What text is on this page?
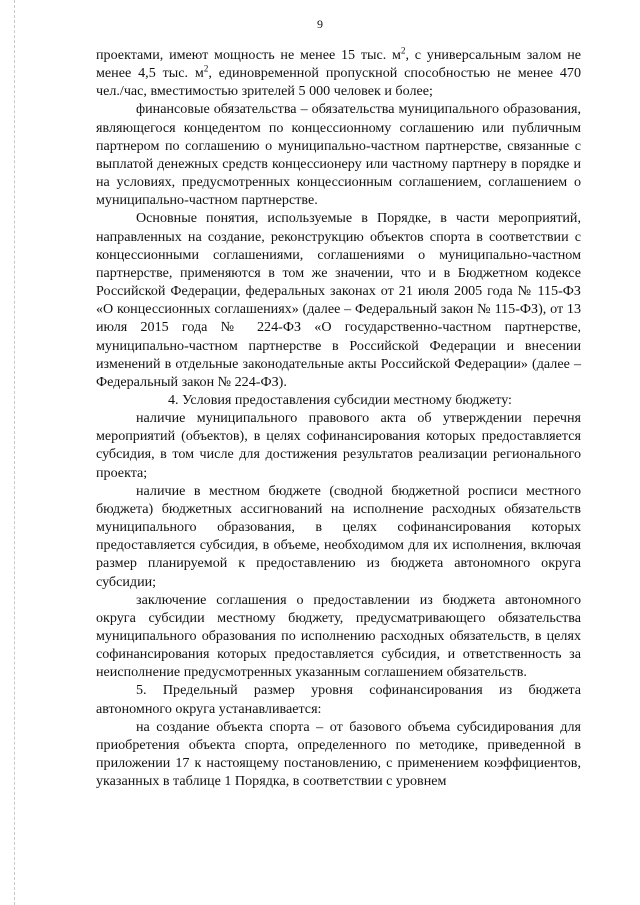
9

проектами, имеют мощность не менее 15 тыс. $м^2$, с универсальным залом не менее 4,5 тыс. $м^2$, единовременной пропускной способностью не менее 470 чел./час, вместимостью зрителей 5 000 человек и более;

финансовые обязательства – обязательства муниципального образования, являющегося концедентом по концессионному соглашению или публичным партнером по соглашению о муниципально-частном партнерстве, связанные с выплатой денежных средств концессионеру или частному партнеру в порядке и на условиях, предусмотренных концессионным соглашением, соглашением о муниципально-частном партнерстве.

Основные понятия, используемые в Порядке, в части мероприятий, направленных на создание, реконструкцию объектов спорта в соответствии с концессионными соглашениями, соглашениями о муниципально-частном партнерстве, применяются в том же значении, что и в Бюджетном кодексе Российской Федерации, федеральных законах от 21 июля 2005 года № 115-ФЗ «О концессионных соглашениях» (далее – Федеральный закон № 115-ФЗ), от 13 июля 2015 года № 224-ФЗ «О государственно-частном партнерстве, муниципально-частном партнерстве в Российской Федерации и внесении изменений в отдельные законодательные акты Российской Федерации» (далее – Федеральный закон № 224-ФЗ).

4. Условия предоставления субсидии местному бюджету:

наличие муниципального правового акта об утверждении перечня мероприятий (объектов), в целях софинансирования которых предоставляется субсидия, в том числе для достижения результатов реализации регионального проекта;

наличие в местном бюджете (сводной бюджетной росписи местного бюджета) бюджетных ассигнований на исполнение расходных обязательств муниципального образования, в целях софинансирования которых предоставляется субсидия, в объеме, необходимом для их исполнения, включая размер планируемой к предоставлению из бюджета автономного округа субсидии;

заключение соглашения о предоставлении из бюджета автономного округа субсидии местному бюджету, предусматривающего обязательства муниципального образования по исполнению расходных обязательств, в целях софинансирования которых предоставляется субсидия, и ответственность за неисполнение предусмотренных указанным соглашением обязательств.

5. Предельный размер уровня софинансирования из бюджета автономного округа устанавливается:

на создание объекта спорта – от базового объема субсидирования для приобретения объекта спорта, определенного по методике, приведенной в приложении 17 к настоящему постановлению, с применением коэффициентов, указанных в таблице 1 Порядка, в соответствии с уровнем
